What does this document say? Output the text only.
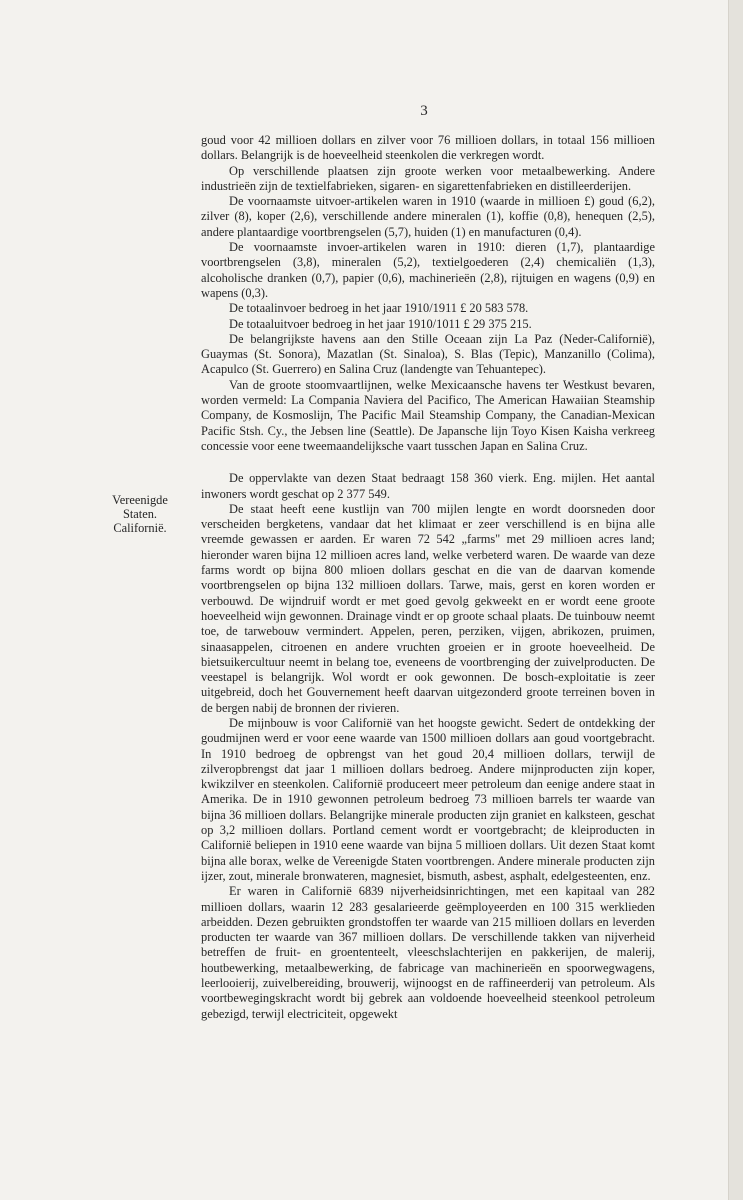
3
Vereenigde
Staten.
Californië.

goud voor 42 millioen dollars en zilver voor 76 millioen dollars, in totaal 156 millioen dollars. Belangrijk is de hoeveelheid steenkolen die verkregen wordt.

Op verschillende plaatsen zijn groote werken voor metaalbewerking. Andere industrieën zijn de textielfabrieken, sigaren- en sigarettenfabrieken en distilleerderijen.

De voornaamste uitvoer-artikelen waren in 1910 (waarde in millioen £) goud (6,2), zilver (8), koper (2,6), verschillende andere mineralen (1), koffie (0,8), henequen (2,5), andere plantaardige voortbrengselen (5,7), huiden (1) en manufacturen (0,4).

De voornaamste invoer-artikelen waren in 1910: dieren (1,7), plantaardige voortbrengselen (3,8), mineralen (5,2), textielgoederen (2,4) chemicaliën (1,3), alcoholische dranken (0,7), papier (0,6), machinerieën (2,8), rijtuigen en wagens (0,9) en wapens (0,3).

De totaalinvoer bedroeg in het jaar 1910/1911 £ 20 583 578.

De totaaluitvoer bedroeg in het jaar 1910/1011 £ 29 375 215.

De belangrijkste havens aan den Stille Oceaan zijn La Paz (Neder-Californië), Guaymas (St. Sonora), Mazatlan (St. Sinaloa), S. Blas (Tepic), Manzanillo (Colima), Acapulco (St. Guerrero) en Salina Cruz (landengte van Tehuantepec).

Van de groote stoomvaartlijnen, welke Mexicaansche havens ter Westkust bevaren, worden vermeld: La Compania Naviera del Pacifico, The American Hawaiian Steamship Company, de Kosmoslijn, The Pacific Mail Steamship Company, the Canadian-Mexican Pacific Stsh. Cy., the Jebsen line (Seattle). De Japansche lijn Toyo Kisen Kaisha verkreeg concessie voor eene tweemaandelijksche vaart tusschen Japan en Salina Cruz.

De oppervlakte van dezen Staat bedraagt 158 360 vierk. Eng. mijlen. Het aantal inwoners wordt geschat op 2 377 549.

De staat heeft eene kustlijn van 700 mijlen lengte en wordt doorsneden door verscheiden bergketens, vandaar dat het klimaat er zeer verschillend is en bijna alle vreemde gewassen er aarden. Er waren 72 542 „farms" met 29 millioen acres land; hieronder waren bijna 12 millioen acres land, welke verbeterd waren. De waarde van deze farms wordt op bijna 800 mlioen dollars geschat en die van de daarvan komende voortbrengselen op bijna 132 millioen dollars. Tarwe, mais, gerst en koren worden er verbouwd. De wijndruif wordt er met goed gevolg gekweekt en er wordt eene groote hoeveelheid wijn gewonnen. Drainage vindt er op groote schaal plaats. De tuinbouw neemt toe, de tarwebouw vermindert. Appelen, peren, perziken, vijgen, abrikozen, pruimen, sinaasappelen, citroenen en andere vruchten groeien er in groote hoeveelheid. De bietsuikercultuur neemt in belang toe, eveneens de voortbrenging der zuivelproducten. De veestapel is belangrijk. Wol wordt er ook gewonnen. De bosch-exploitatie is zeer uitgebreid, doch het Gouvernement heeft daarvan uitgezonderd groote terreinen boven in de bergen nabij de bronnen der rivieren.

De mijnbouw is voor Californië van het hoogste gewicht. Sedert de ontdekking der goudmijnen werd er voor eene waarde van 1500 millioen dollars aan goud voortgebracht. In 1910 bedroeg de opbrengst van het goud 20,4 millioen dollars, terwijl de zilveropbrengst dat jaar 1 millioen dollars bedroeg. Andere mijnproducten zijn koper, kwikzilver en steenkolen. Californië produceert meer petroleum dan eenige andere staat in Amerika. De in 1910 gewonnen petroleum bedroeg 73 millioen barrels ter waarde van bijna 36 millioen dollars. Belangrijke minerale producten zijn graniet en kalksteen, geschat op 3,2 millioen dollars. Portland cement wordt er voortgebracht; de kleiproducten in Californië beliepen in 1910 eene waarde van bijna 5 millioen dollars. Uit dezen Staat komt bijna alle borax, welke de Vereenigde Staten voortbrengen. Andere minerale producten zijn ijzer, zout, minerale bronwateren, magnesiet, bismuth, asbest, asphalt, edelgesteenten, enz.

Er waren in Californië 6839 nijverheidsinrichtingen, met een kapitaal van 282 millioen dollars, waarin 12 283 gesalarieerde geëmployeerden en 100 315 werklieden arbeidden. Dezen gebruikten grondstoffen ter waarde van 215 millioen dollars en leverden producten ter waarde van 367 millioen dollars. De verschillende takken van nijverheid betreffen de fruit- en groententeelt, vleeschslachterijen en pakkerijen, de malerij, houtbewerking, metaalbewerking, de fabricage van machinerieën en spoorwegwagens, leerlooierij, zuivelbereiding, brouwerij, wijnoogst en de raffineerderij van petroleum. Als voortbewegingskracht wordt bij gebrek aan voldoende hoeveelheid steenkool petroleum gebezigd, terwijl electriciteit, opgewekt
